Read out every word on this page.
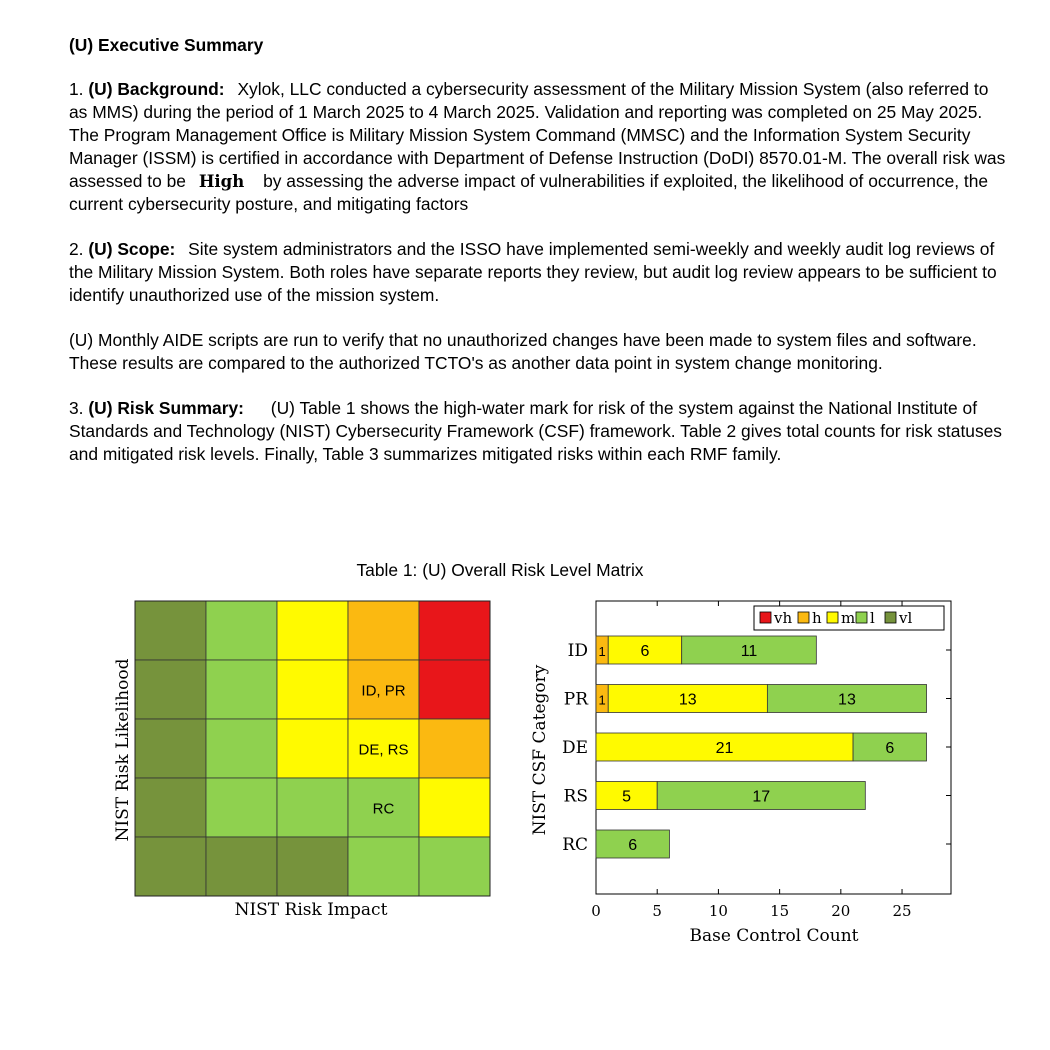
(U) Executive Summary
1. (U) Background: Xylok, LLC conducted a cybersecurity assessment of the Military Mission System (also referred to as MMS) during the period of 1 March 2025 to 4 March 2025. Validation and reporting was completed on 25 May 2025. The Program Management Office is Military Mission System Command (MMSC) and the Information System Security Manager (ISSM) is certified in accordance with Department of Defense Instruction (DoDI) 8570.01-M. The overall risk was assessed to be High by assessing the adverse impact of vulnerabilities if exploited, the likelihood of occurrence, the current cybersecurity posture, and mitigating factors
2. (U) Scope: Site system administrators and the ISSO have implemented semi-weekly and weekly audit log reviews of the Military Mission System. Both roles have separate reports they review, but audit log review appears to be sufficient to identify unauthorized use of the mission system.
(U) Monthly AIDE scripts are run to verify that no unauthorized changes have been made to system files and software. These results are compared to the authorized TCTO's as another data point in system change monitoring.
3. (U) Risk Summary: (U) Table 1 shows the high-water mark for risk of the system against the National Institute of Standards and Technology (NIST) Cybersecurity Framework (CSF) framework. Table 2 gives total counts for risk statuses and mitigated risk levels. Finally, Table 3 summarizes mitigated risks within each RMF family.
Table 1: (U) Overall Risk Level Matrix
ID, PR
DE, RS
RC
NIST Risk Impact
NIST Risk Likelihood
0	5	10	15	20	25
ID
PR
DE
RS
RC
1 6	11
1	13	13
21	6
5	17
6
vh h m l vl
Base Control Count
NIST CSF Category
